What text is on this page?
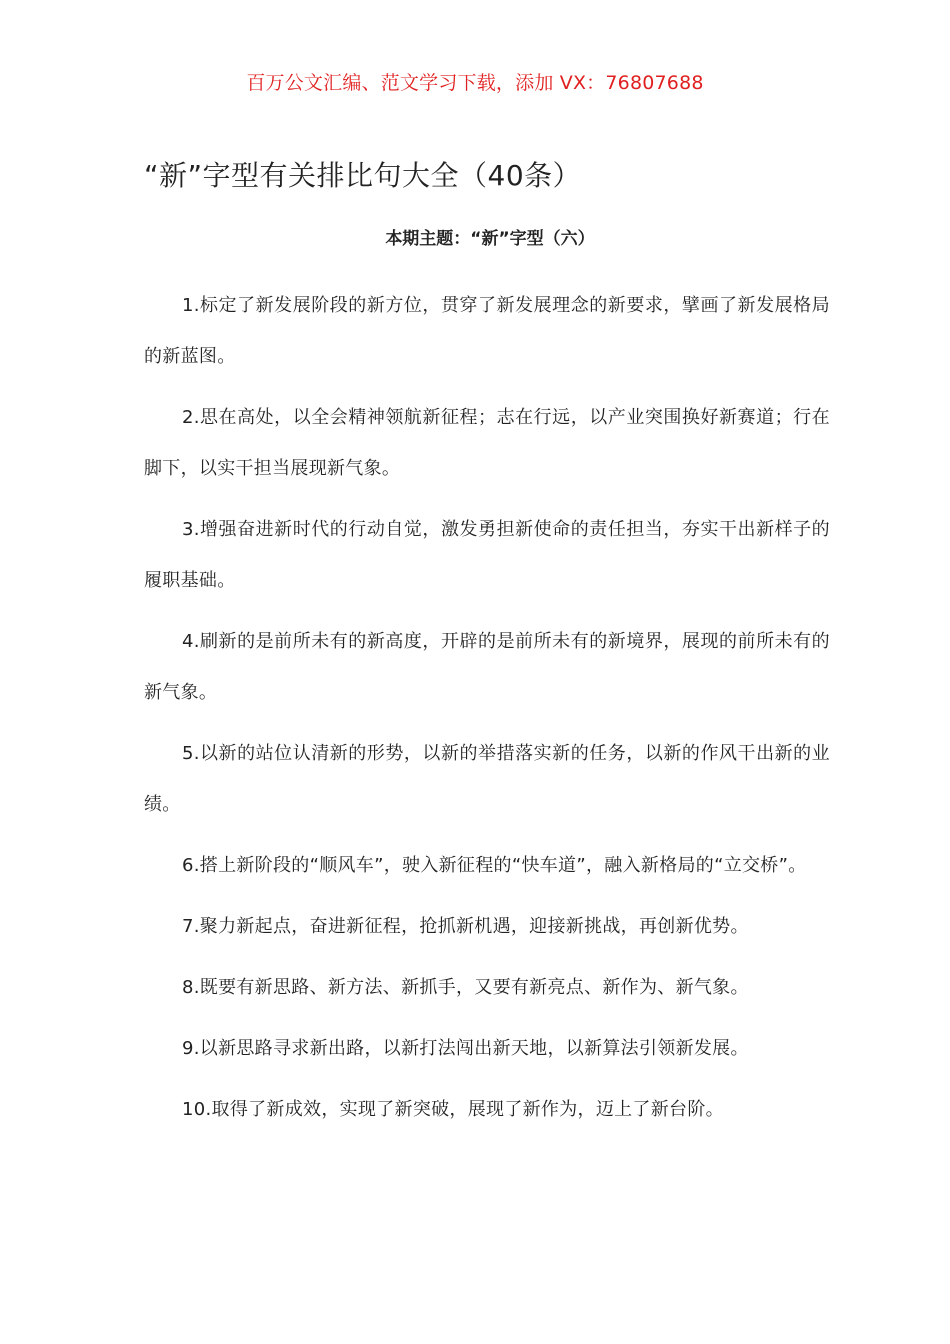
百万公文汇编、范文学习下载，添加 VX：76807688
“新”字型有关排比句大全（40条）
本期主题：“新”字型（六）
1.标定了新发展阶段的新方位，贯穿了新发展理念的新要求，擘画了新发展格局的新蓝图。
2.思在高处，以全会精神领航新征程；志在行远，以产业突围换好新赛道；行在脚下，以实干担当展现新气象。
3.增强奋进新时代的行动自觉，激发勇担新使命的责任担当，夯实干出新样子的履职基础。
4.刷新的是前所未有的新高度，开辟的是前所未有的新境界，展现的前所未有的新气象。
5.以新的站位认清新的形势，以新的举措落实新的任务，以新的作风干出新的业绩。
6.搭上新阶段的“顺风车”，驶入新征程的“快车道”，融入新格局的“立交桥”。
7.聚力新起点，奋进新征程，抢抓新机遇，迎接新挑战，再创新优势。
8.既要有新思路、新方法、新抓手，又要有新亮点、新作为、新气象。
9.以新思路寻求新出路，以新打法闯出新天地，以新算法引领新发展。
10.取得了新成效，实现了新突破，展现了新作为，迈上了新台阶。
